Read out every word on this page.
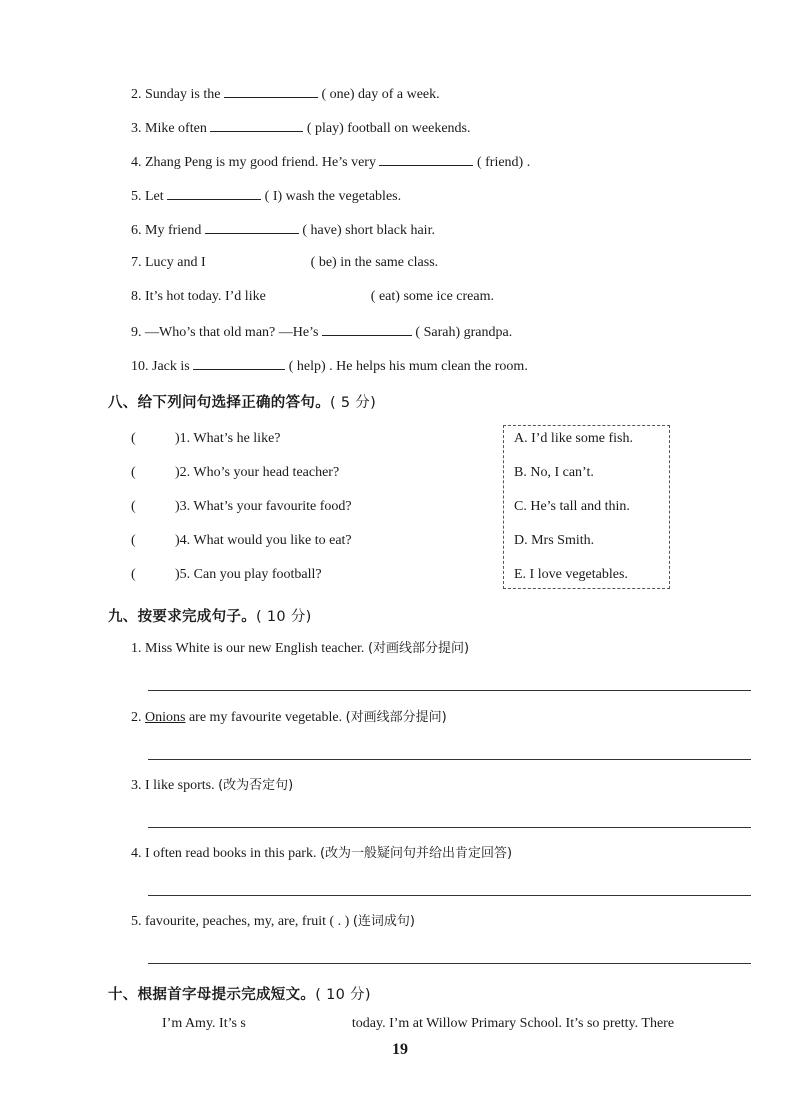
2. Sunday is the	( one) day of a week.
3. Mike often	( play) football on weekends.
4. Zhang Peng is my good friend. He’s very	( friend) .
5. Let	( I) wash the vegetables.
6. My friend	( have) short black hair.
7. Lucy and I	( be) in the same class.
8. It’s hot today. I’d like	( eat) some ice cream.
9. —Who’s that old man? —He’s	( Sarah) grandpa.
10. Jack is	( help) . He helps his mum clean the room.
八、给下列问句选择正确的答句。( 5 分)
(	)1. What’s he like?
(	)2. Who’s your head teacher?
(	)3. What’s your favourite food?
(	)4. What would you like to eat?
(	)5. Can you play football?
A. I’d like some fish.
B. No, I can’t.
C. He’s tall and thin.
D. Mrs Smith.
E. I love vegetables.
九、按要求完成句子。( 10 分)
1. Miss White is our new English teacher. (对画线部分提问)
2. Onions are my favourite vegetable. (对画线部分提问)
3. I like sports. (改为否定句)
4. I often read books in this park. (改为一般疑问句并给出肯定回答)
5. favourite, peaches, my, are, fruit ( . ) (连词成句)
十、根据首字母提示完成短文。( 10 分)
I’m Amy. It’s s	today. I’m at Willow Primary School. It’s so pretty. There
19
